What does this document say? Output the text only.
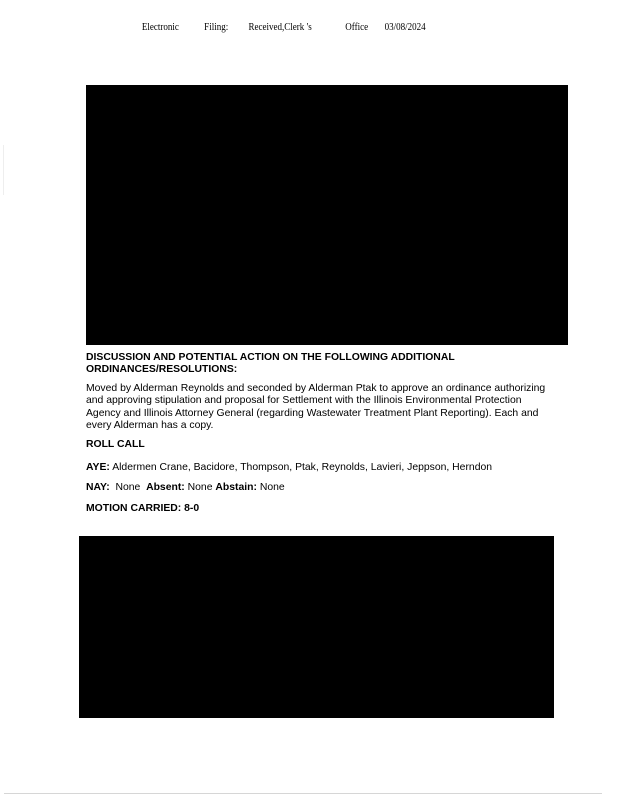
Electronic Filing: Received,Clerk 's	Office 03/08/2024

DISCUSSION AND POTENTIAL ACTION ON THE FOLLOWING ADDITIONAL ORDINANCES/RESOLUTIONS:

Moved by Alderman Reynolds and seconded by Alderman Ptak to approve an ordinance authorizing and approving stipulation and proposal for Settlement with the Illinois Environmental Protection Agency and Illinois Attorney General (regarding Wastewater Treatment Plant Reporting). Each and every Alderman has a copy.

ROLL CALL

AYE: Aldermen Crane, Bacidore, Thompson, Ptak, Reynolds, Lavieri, Jeppson, Herndon

NAY:  None  Absent: None Abstain: None

MOTION CARRIED: 8-0
